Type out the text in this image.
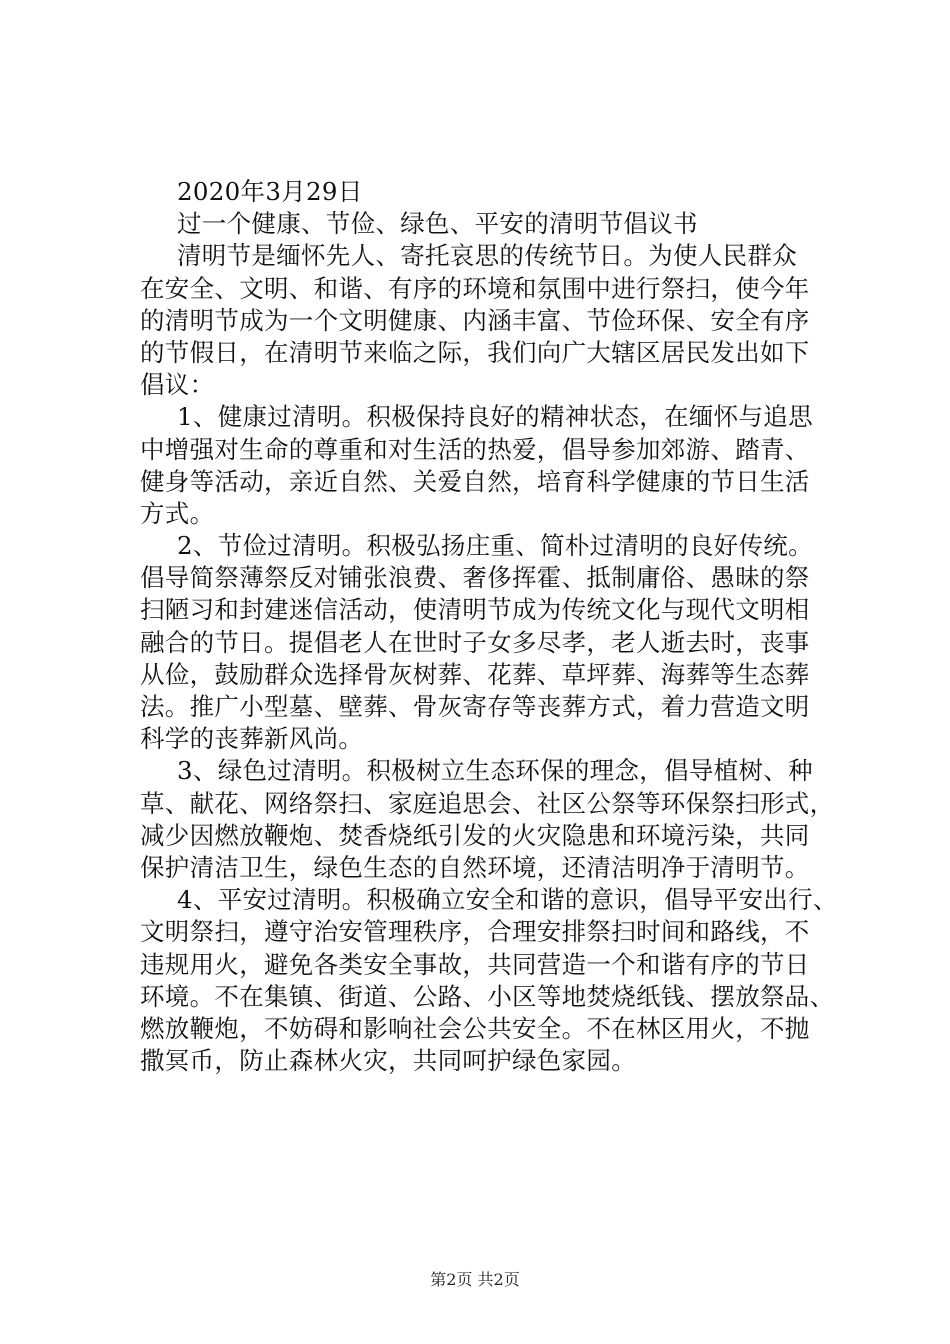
2020年3月29日
过一个健康、节俭、绿色、平安的清明节倡议书
清明节是缅怀先人、寄托哀思的传统节日。为使人民群众
在安全、文明、和谐、有序的环境和氛围中进行祭扫，使今年
的清明节成为一个文明健康、内涵丰富、节俭环保、安全有序
的节假日，在清明节来临之际，我们向广大辖区居民发出如下
倡议：
1、健康过清明。积极保持良好的精神状态，在缅怀与追思
中增强对生命的尊重和对生活的热爱，倡导参加郊游、踏青、
健身等活动，亲近自然、关爱自然，培育科学健康的节日生活
方式。
2、节俭过清明。积极弘扬庄重、简朴过清明的良好传统。
倡导简祭薄祭反对铺张浪费、奢侈挥霍、抵制庸俗、愚昧的祭
扫陋习和封建迷信活动，使清明节成为传统文化与现代文明相
融合的节日。提倡老人在世时子女多尽孝，老人逝去时，丧事
从俭，鼓励群众选择骨灰树葬、花葬、草坪葬、海葬等生态葬
法。推广小型墓、壁葬、骨灰寄存等丧葬方式，着力营造文明
科学的丧葬新风尚。
3、绿色过清明。积极树立生态环保的理念，倡导植树、种
草、献花、网络祭扫、家庭追思会、社区公祭等环保祭扫形式，
减少因燃放鞭炮、焚香烧纸引发的火灾隐患和环境污染，共同
保护清洁卫生，绿色生态的自然环境，还清洁明净于清明节。
4、平安过清明。积极确立安全和谐的意识，倡导平安出行、
文明祭扫，遵守治安管理秩序，合理安排祭扫时间和路线，不
违规用火，避免各类安全事故，共同营造一个和谐有序的节日
环境。不在集镇、街道、公路、小区等地焚烧纸钱、摆放祭品、
燃放鞭炮，不妨碍和影响社会公共安全。不在林区用火，不抛
撒冥币，防止森林火灾，共同呵护绿色家园。
第2页 共2页
